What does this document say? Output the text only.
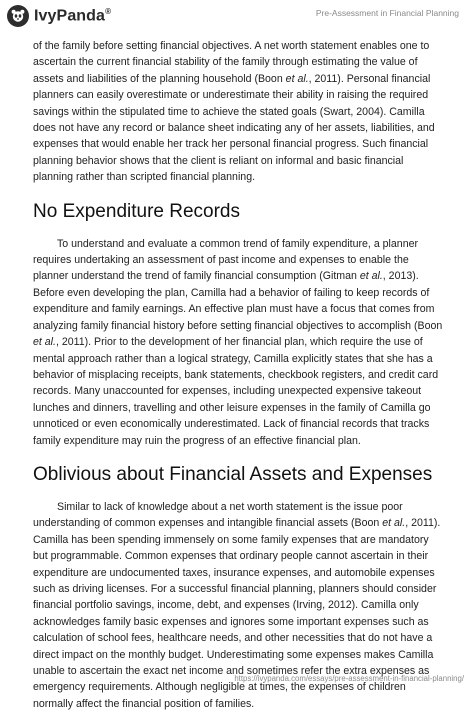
IvyPanda®	Pre-Assessment in Financial Planning

of the family before setting financial objectives. A net worth statement enables one to ascertain the current financial stability of the family through estimating the value of assets and liabilities of the planning household (Boon et al., 2011). Personal financial planners can easily overestimate or underestimate their ability in raising the required savings within the stipulated time to achieve the stated goals (Swart, 2004). Camilla does not have any record or balance sheet indicating any of her assets, liabilities, and expenses that would enable her track her personal financial progress. Such financial planning behavior shows that the client is reliant on informal and basic financial planning rather than scripted financial planning.

No Expenditure Records

To understand and evaluate a common trend of family expenditure, a planner requires undertaking an assessment of past income and expenses to enable the planner understand the trend of family financial consumption (Gitman et al., 2013). Before even developing the plan, Camilla had a behavior of failing to keep records of expenditure and family earnings. An effective plan must have a focus that comes from analyzing family financial history before setting financial objectives to accomplish (Boon et al., 2011). Prior to the development of her financial plan, which require the use of mental approach rather than a logical strategy, Camilla explicitly states that she has a behavior of misplacing receipts, bank statements, checkbook registers, and credit card records. Many unaccounted for expenses, including unexpected expensive takeout lunches and dinners, travelling and other leisure expenses in the family of Camilla go unnoticed or even economically underestimated. Lack of financial records that tracks family expenditure may ruin the progress of an effective financial plan.

Oblivious about Financial Assets and Expenses

Similar to lack of knowledge about a net worth statement is the issue poor understanding of common expenses and intangible financial assets (Boon et al., 2011). Camilla has been spending immensely on some family expenses that are mandatory but programmable. Common expenses that ordinary people cannot ascertain in their expenditure are undocumented taxes, insurance expenses, and automobile expenses such as driving licenses. For a successful financial planning, planners should consider financial portfolio savings, income, debt, and expenses (Irving, 2012). Camilla only acknowledges family basic expenses and ignores some important expenses such as calculation of school fees, healthcare needs, and other necessities that do not have a direct impact on the monthly budget. Underestimating some expenses makes Camilla unable to ascertain the exact net income and sometimes refer the extra expenses as emergency requirements. Although negligible at times, the expenses of children normally affect the financial position of families.

https://ivypanda.com/essays/pre-assessment-in-financial-planning/
